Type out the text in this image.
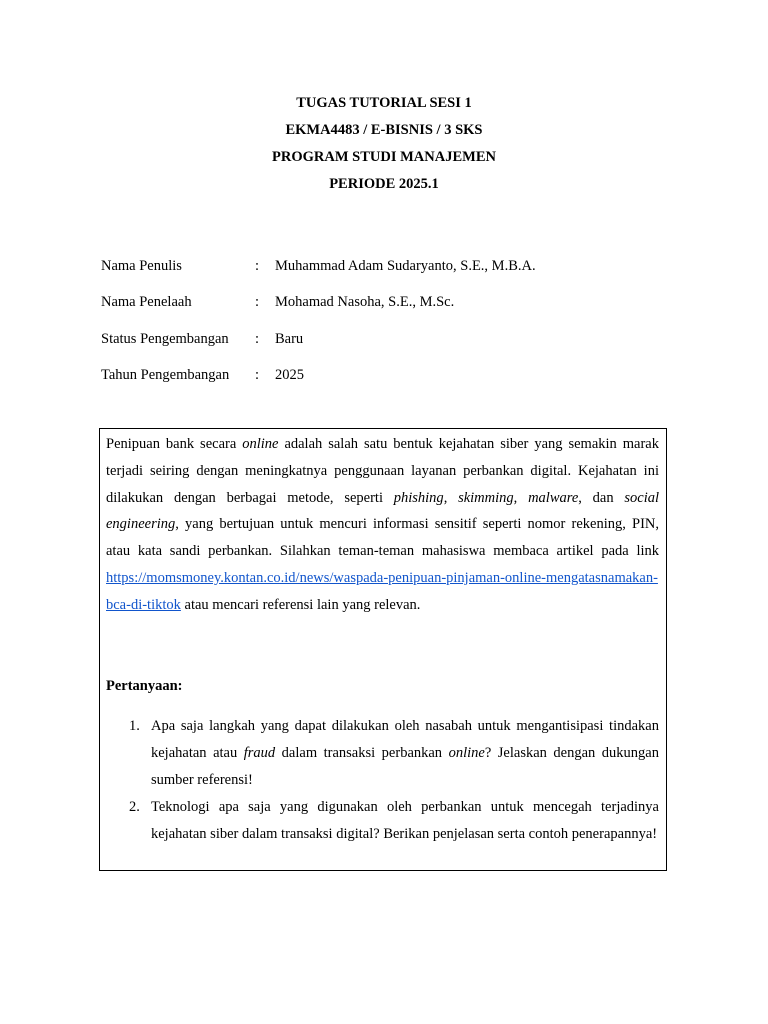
TUGAS TUTORIAL SESI 1
EKMA4483 / E-BISNIS / 3 SKS
PROGRAM STUDI MANAJEMEN
PERIODE 2025.1
Nama Penulis	:	Muhammad Adam Sudaryanto, S.E., M.B.A.
Nama Penelaah	:	Mohamad Nasoha, S.E., M.Sc.
Status Pengembangan	:	Baru
Tahun Pengembangan	:	2025

Penipuan bank secara online adalah salah satu bentuk kejahatan siber yang semakin marak terjadi seiring dengan meningkatnya penggunaan layanan perbankan digital. Kejahatan ini dilakukan dengan berbagai metode, seperti phishing, skimming, malware, dan social engineering, yang bertujuan untuk mencuri informasi sensitif seperti nomor rekening, PIN, atau kata sandi perbankan. Silahkan teman-teman mahasiswa membaca artikel pada link https://momsmoney.kontan.co.id/news/waspada-penipuan-pinjaman-online-mengatasnamakan-bca-di-tiktok atau mencari referensi lain yang relevan.

Pertanyaan:

1. Apa saja langkah yang dapat dilakukan oleh nasabah untuk mengantisipasi tindakan kejahatan atau fraud dalam transaksi perbankan online? Jelaskan dengan dukungan sumber referensi!
2. Teknologi apa saja yang digunakan oleh perbankan untuk mencegah terjadinya kejahatan siber dalam transaksi digital? Berikan penjelasan serta contoh penerapannya!
